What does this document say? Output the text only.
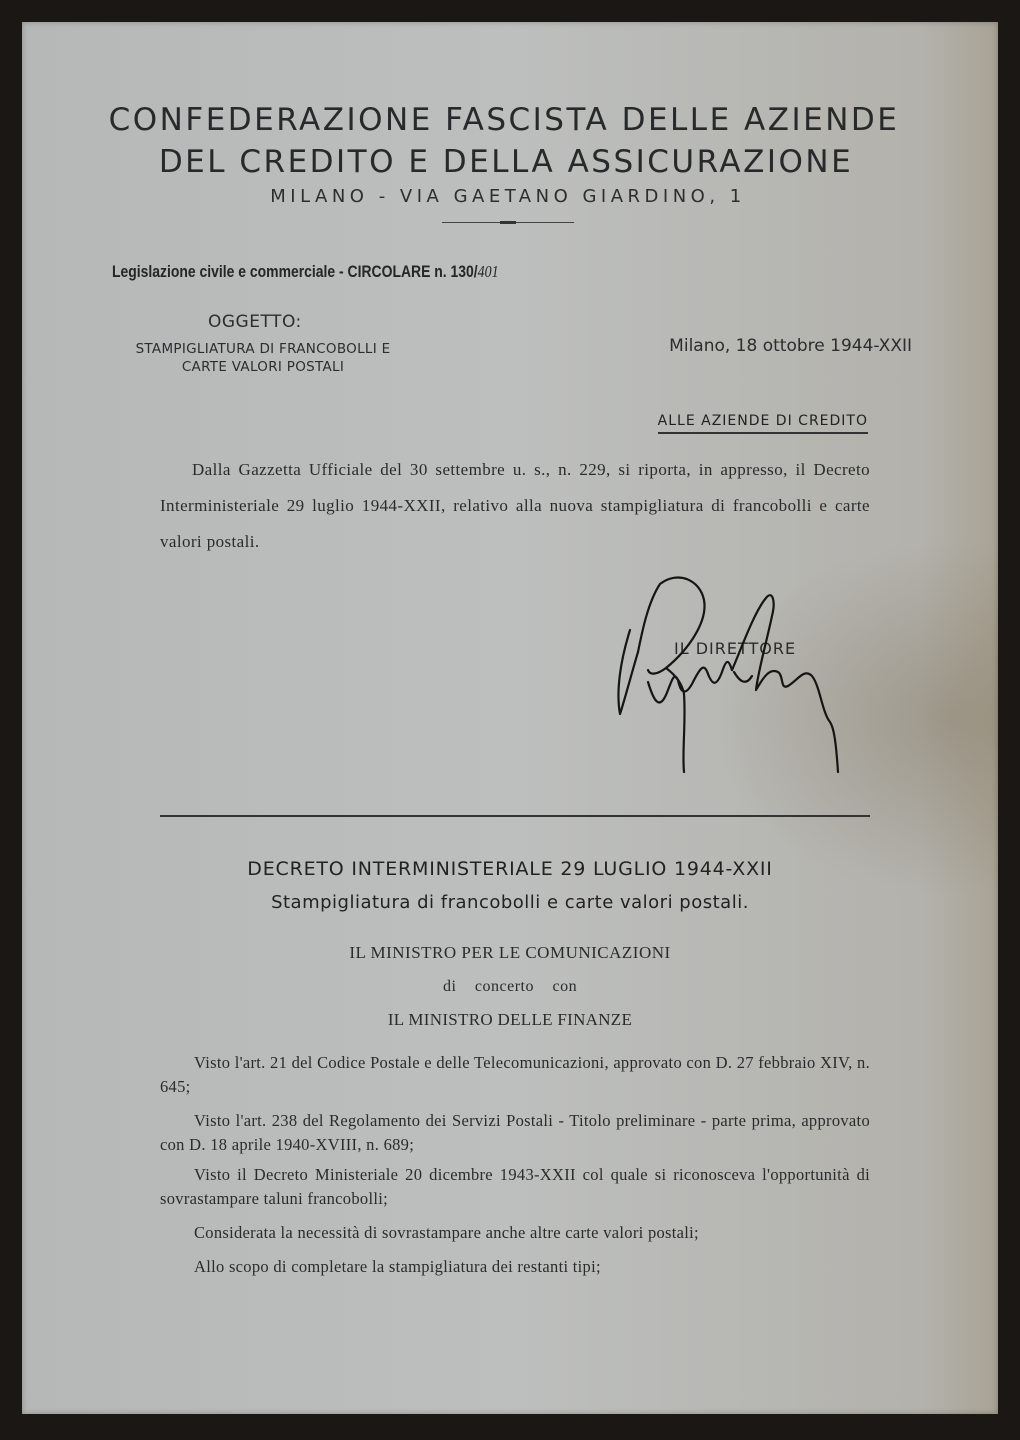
CONFEDERAZIONE FASCISTA DELLE AZIENDE
DEL CREDITO E DELLA ASSICURAZIONE
MILANO - VIA GAETANO GIARDINO, 1
Legislazione civile e commerciale - CIRCOLARE n. 130/401
OGGETTO:
STAMPIGLIATURA DI FRANCOBOLLI E
CARTE VALORI POSTALI
Milano, 18 ottobre 1944-XXII
ALLE AZIENDE DI CREDITO
Dalla Gazzetta Ufficiale del 30 settembre u. s., n. 229, si riporta, in appresso, il Decreto Interministeriale 29 luglio 1944-XXII, relativo alla nuova stampigliatura di francobolli e carte valori postali.
IL DIRETTORE
DECRETO INTERMINISTERIALE 29 LUGLIO 1944-XXII
Stampigliatura di francobolli e carte valori postali.
IL MINISTRO PER LE COMUNICAZIONI
di concerto con
IL MINISTRO DELLE FINANZE
Visto l'art. 21 del Codice Postale e delle Telecomunicazioni, approvato con D. 27 febbraio XIV, n. 645;
Visto l'art. 238 del Regolamento dei Servizi Postali - Titolo preliminare - parte prima, approvato con D. 18 aprile 1940-XVIII, n. 689;
Visto il Decreto Ministeriale 20 dicembre 1943-XXII col quale si riconosceva l'opportunità di sovrastampare taluni francobolli;
Considerata la necessità di sovrastampare anche altre carte valori postali;
Allo scopo di completare la stampigliatura dei restanti tipi;
